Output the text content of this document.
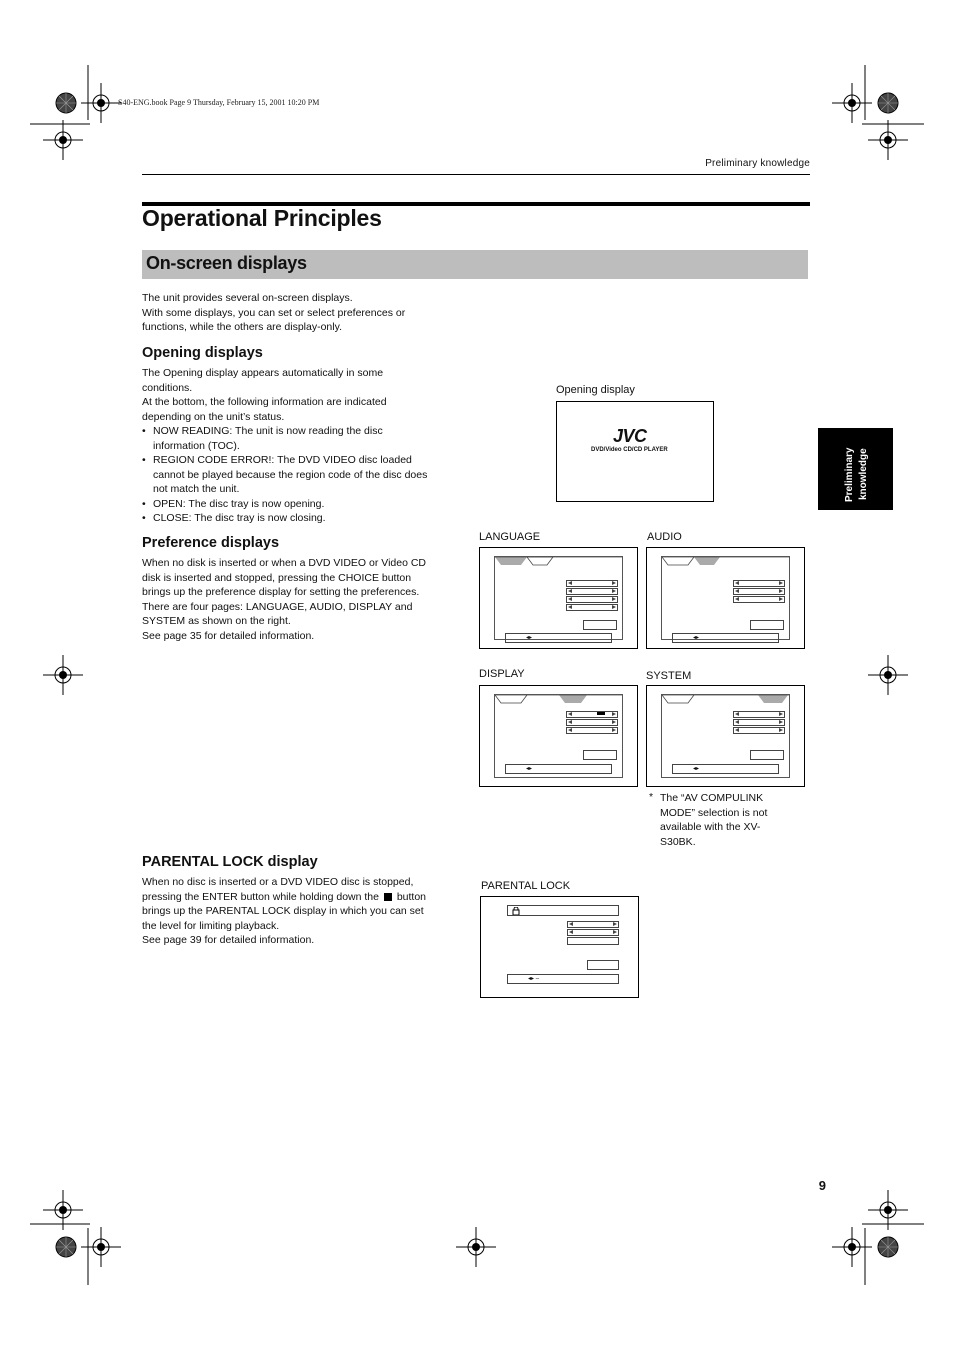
S40-ENG.book Page 9 Thursday, February 15, 2001 10:20 PM
Preliminary knowledge
Operational Principles
On-screen displays

The unit provides several on-screen displays.

With some displays, you can set or select preferences or functions, while the others are display-only.

Opening displays

The Opening display appears automatically in some conditions.

At the bottom, the following information are indicated depending on the unit’s status.

• NOW READING: The unit is now reading the disc information (TOC).
• REGION CODE ERROR!: The DVD VIDEO disc loaded cannot be played because the region code of the disc does not match the unit.
• OPEN: The disc tray is now opening.
• CLOSE: The disc tray is now closing.
Preference displays

When no disk is inserted or when a DVD VIDEO or Video CD disk is inserted and stopped, pressing the CHOICE button brings up the preference display for setting the preferences.

There are four pages: LANGUAGE, AUDIO, DISPLAY and SYSTEM as shown on the right.

See page 35 for detailed information.

PARENTAL LOCK display

When no disc is inserted or a DVD VIDEO disc is stopped, pressing the ENTER button while holding down the button brings up the PARENTAL LOCK display in which you can set the level for limiting playback.

See page 39 for detailed information.

Preliminary knowledge
Opening display
JVC
DVD/Video CD/CD PLAYER
LANGUAGE
◂▸
AUDIO
◂▸
DISPLAY
◂▸
SYSTEM
◂▸
* The “AV COMPULINK MODE” selection is not available with the XV-S30BK.
PARENTAL LOCK
◂▸ –
9
